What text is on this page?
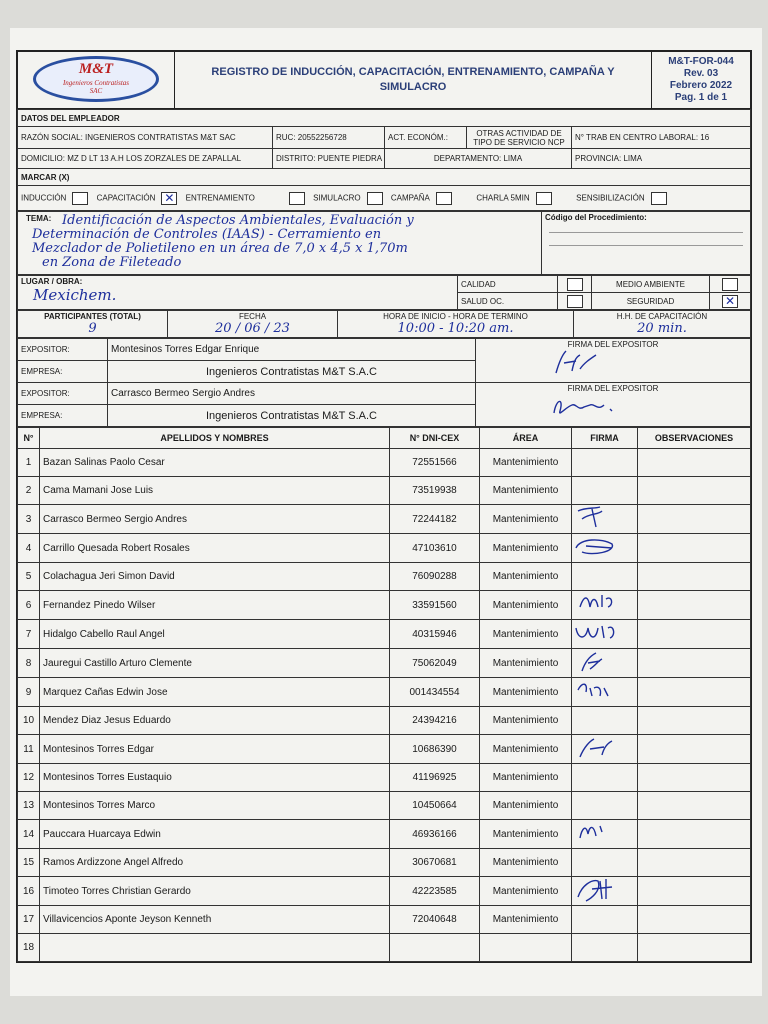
M&T
Ingenieros Contratistas
SAC
	REGISTRO DE INDUCCIÓN, CAPACITACIÓN, ENTRENAMIENTO, CAMPAÑA Y SIMULACRO	
M&T-FOR-044
Rev. 03
Febrero 2022
Pag. 1 de 1
DATOS DEL EMPLEADOR				
RAZÓN SOCIAL: INGENIEROS CONTRATISTAS M&T SAC	RUC: 20552256728	ACT. ECONÓM.:	OTRAS ACTIVIDAD DE TIPO DE SERVICIO NCP	N° TRAB EN CENTRO LABORAL: 16
DOMICILIO: MZ D LT 13 A.H LOS ZORZALES DE ZAPALLAL	DISTRITO: PUENTE PIEDRA	DEPARTAMENTO: LIMA		PROVINCIA: LIMA
MARCAR (X)				
INDUCCIÓN CAPACITACIÓN ✕ ENTRENAMIENTO SIMULACRO CAMPAÑA CHARLA 5MIN SENSIBILIZACIÓN
TEMA: Identificación de Aspectos Ambientales, Evaluación y
Determinación de Controles (IAAS) - Cerramiento en
Mezclador de Polietileno en un área de 7,0 x 4,5 x 1,70m
en Zona de Fileteado

Código del Procedimiento:
LUGAR / OBRA:
Mexichem.	CALIDAD		MEDIO AMBIENTE	
	SALUD OC.		SEGURIDAD	✕
PARTICIPANTES (TOTAL)
9

FECHA
20 / 06 / 23

HORA DE INICIO - HORA DE TERMINO
10:00 - 10:20 am.

H.H. DE CAPACITACIÓN
20 min.
EXPOSITOR:	Montesinos Torres Edgar Enrique	FIRMA DEL EXPOSITOR

EMPRESA:	Ingenieros Contratistas M&T S.A.C	
EXPOSITOR:	Carrasco Bermeo Sergio Andres	FIRMA DEL EXPOSITOR

EMPRESA:	Ingenieros Contratistas M&T S.A.C	
N°	APELLIDOS Y NOMBRES	N° DNI-CEX	ÁREA	FIRMA	OBSERVACIONES
1	Bazan Salinas Paolo Cesar	72551566	Mantenimiento		
2	Cama Mamani Jose Luis	73519938	Mantenimiento		
3	Carrasco Bermeo Sergio Andres	72244182	Mantenimiento		
4	Carrillo Quesada Robert Rosales	47103610	Mantenimiento		
5	Colachagua Jeri Simon David	76090288	Mantenimiento		
6	Fernandez Pinedo Wilser	33591560	Mantenimiento		
7	Hidalgo Cabello Raul Angel	40315946	Mantenimiento		
8	Jauregui Castillo Arturo Clemente	75062049	Mantenimiento		
9	Marquez Cañas Edwin Jose	001434554	Mantenimiento		
10	Mendez Diaz Jesus Eduardo	24394216	Mantenimiento		
11	Montesinos Torres Edgar	10686390	Mantenimiento		
12	Montesinos Torres Eustaquio	41196925	Mantenimiento		
13	Montesinos Torres Marco	10450664	Mantenimiento		
14	Pauccara Huarcaya Edwin	46936166	Mantenimiento		
15	Ramos Ardizzone Angel Alfredo	30670681	Mantenimiento		
16	Timoteo Torres Christian Gerardo	42223585	Mantenimiento		
17	Villavicencios Aponte Jeyson Kenneth	72040648	Mantenimiento		
18					
